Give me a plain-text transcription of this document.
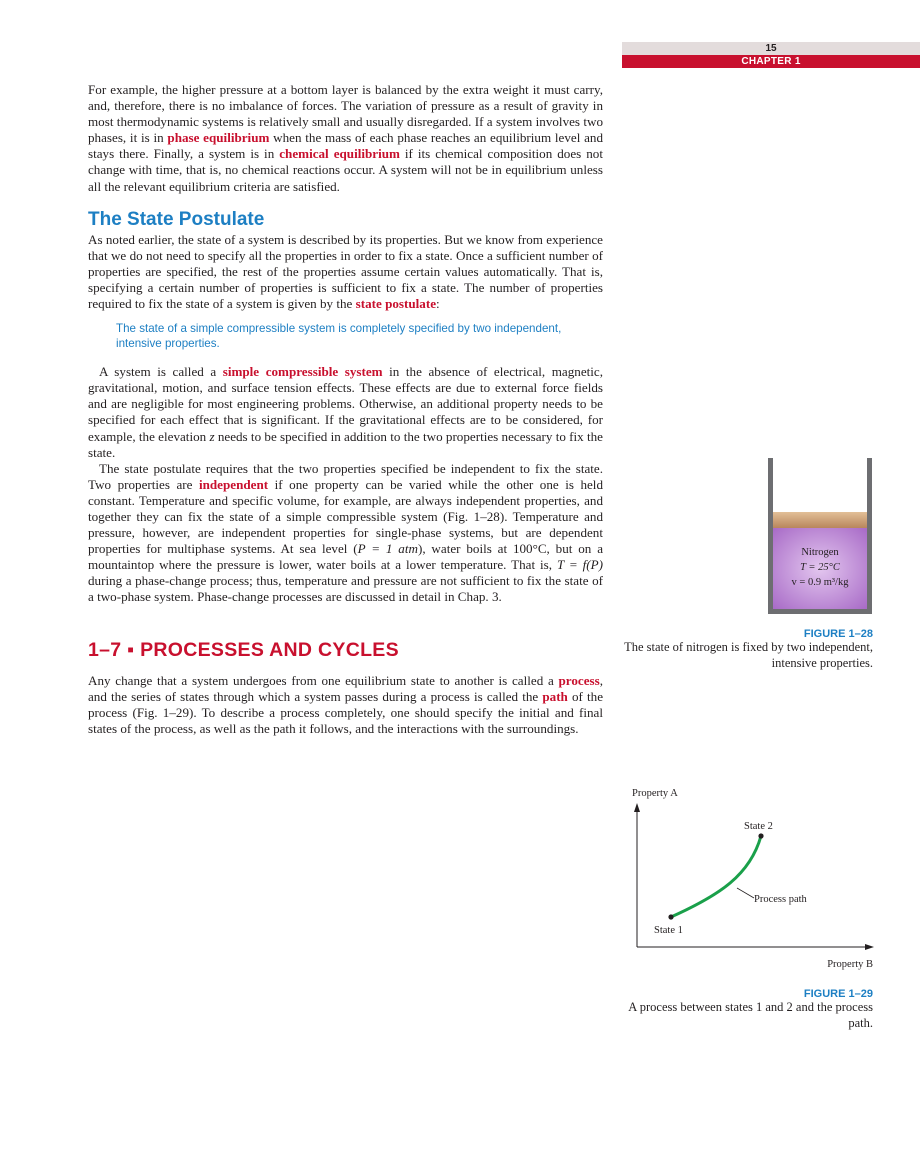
15
CHAPTER 1

For example, the higher pressure at a bottom layer is balanced by the extra weight it must carry, and, therefore, there is no imbalance of forces. The variation of pressure as a result of gravity in most thermodynamic systems is relatively small and usually disregarded. If a system involves two phases, it is in phase equilibrium when the mass of each phase reaches an equilibrium level and stays there. Finally, a system is in chemical equilibrium if its chemical composition does not change with time, that is, no chemical reactions occur. A system will not be in equilibrium unless all the relevant equilibrium criteria are satisfied.

The State Postulate

As noted earlier, the state of a system is described by its properties. But we know from experience that we do not need to specify all the properties in order to fix a state. Once a sufficient number of properties are specified, the rest of the properties assume certain values automatically. That is, specifying a certain number of properties is sufficient to fix a state. The number of properties required to fix the state of a system is given by the state postulate:

The state of a simple compressible system is completely specified by two independent, intensive properties.

A system is called a simple compressible system in the absence of electrical, magnetic, gravitational, motion, and surface tension effects. These effects are due to external force fields and are negligible for most engineering problems. Otherwise, an additional property needs to be specified for each effect that is significant. If the gravitational effects are to be considered, for example, the elevation z needs to be specified in addition to the two properties necessary to fix the state.

The state postulate requires that the two properties specified be independent to fix the state. Two properties are independent if one property can be varied while the other one is held constant. Temperature and specific volume, for example, are always independent properties, and together they can fix the state of a simple compressible system (Fig. 1–28). Temperature and pressure, however, are independent properties for single-phase systems, but are dependent properties for multiphase systems. At sea level (P = 1 atm), water boils at 100°C, but on a mountaintop where the pressure is lower, water boils at a lower temperature. That is, T = f(P) during a phase-change process; thus, temperature and pressure are not sufficient to fix the state of a two-phase system. Phase-change processes are discussed in detail in Chap. 3.

1–7 ▪ PROCESSES AND CYCLES

Any change that a system undergoes from one equilibrium state to another is called a process, and the series of states through which a system passes during a process is called the path of the process (Fig. 1–29). To describe a process completely, one should specify the initial and final states of the process, as well as the path it follows, and the interactions with the surroundings.

Nitrogen
T = 25°C
v = 0.9 m³/kg
FIGURE 1–28
The state of nitrogen is fixed by two independent, intensive properties.
Property A
Property B
State 1
State 2
Process path
FIGURE 1–29
A process between states 1 and 2 and the process path.
